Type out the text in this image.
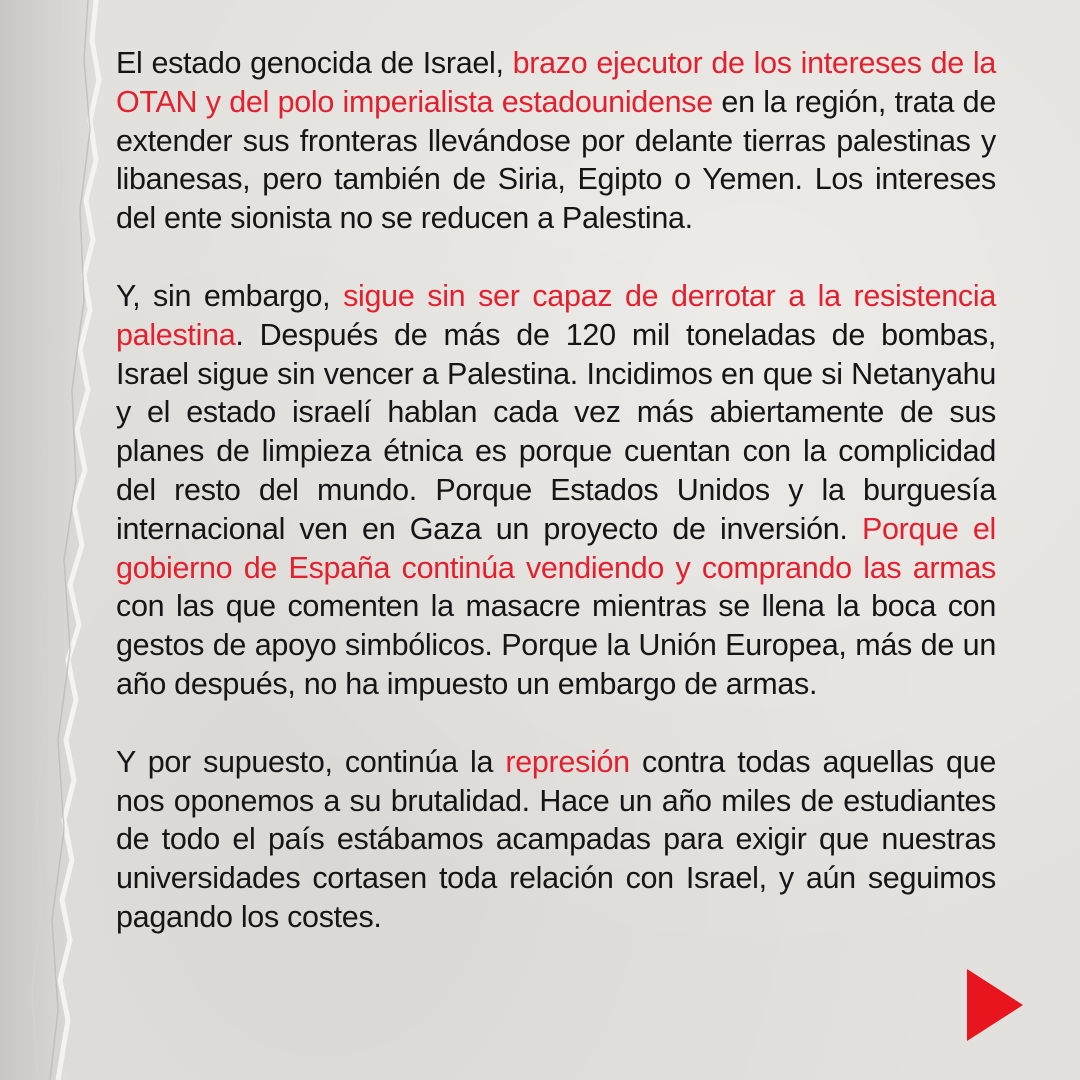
El estado genocida de Israel, brazo ejecutor de los intereses de la OTAN y del polo imperialista estadounidense en la región, trata de extender sus fronteras llevándose por delante tierras palestinas y libanesas, pero también de Siria, Egipto o Yemen. Los intereses del ente sionista no se reducen a Palestina.

Y, sin embargo, sigue sin ser capaz de derrotar a la resistencia palestina. Después de más de 120 mil toneladas de bombas, Israel sigue sin vencer a Palestina. Incidimos en que si Netanyahu y el estado israelí hablan cada vez más abiertamente de sus planes de limpieza étnica es porque cuentan con la complicidad del resto del mundo. Porque Estados Unidos y la burguesía internacional ven en Gaza un proyecto de inversión. Porque el gobierno de España continúa vendiendo y comprando las armas con las que comenten la masacre mientras se llena la boca con gestos de apoyo simbólicos. Porque la Unión Europea, más de un año después, no ha impuesto un embargo de armas.

Y por supuesto, continúa la represión contra todas aquellas que nos oponemos a su brutalidad. Hace un año miles de estudiantes de todo el país estábamos acampadas para exigir que nuestras universidades cortasen toda relación con Israel, y aún seguimos pagando los costes.
